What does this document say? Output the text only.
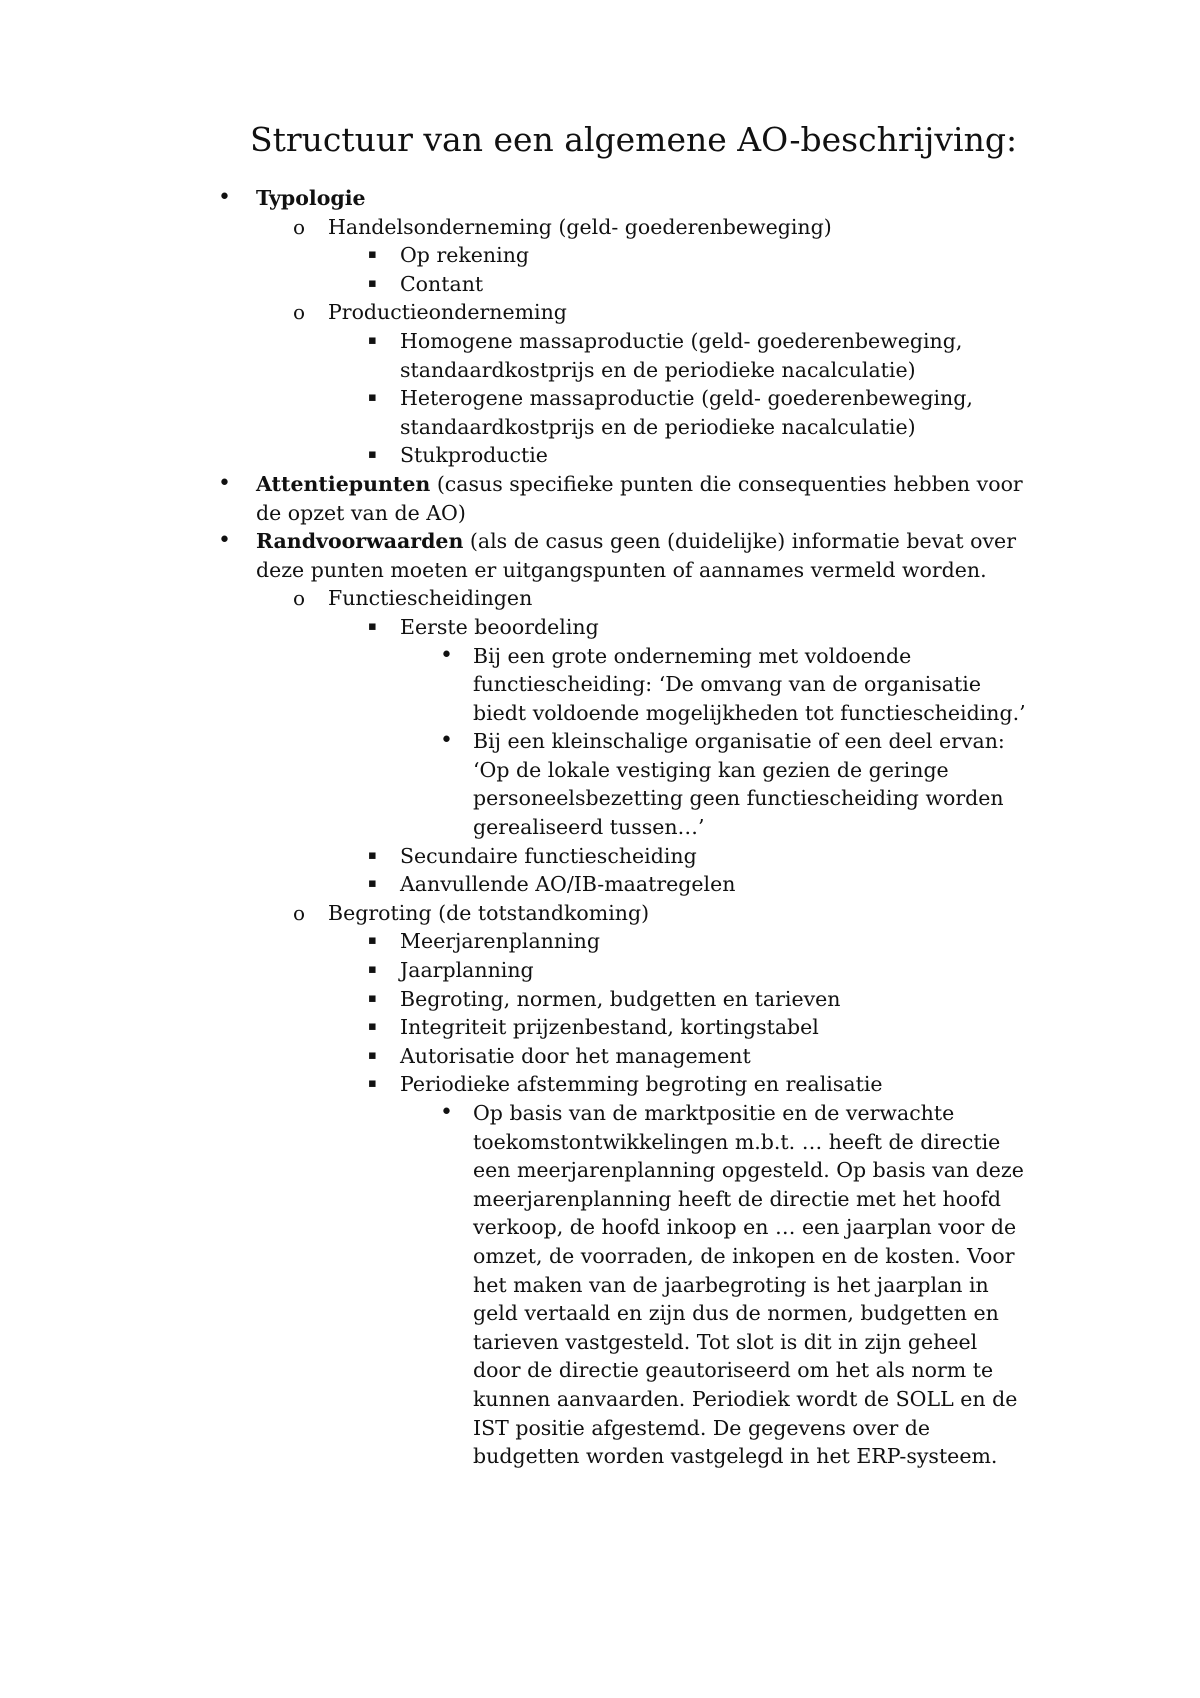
Structuur van een algemene AO-beschrijving:
• Typologie
o Handelsonderneming (geld- goederenbeweging)
▪ Op rekening
▪ Contant
o Productieonderneming
▪ Homogene massaproductie (geld- goederenbeweging, standaardkostprijs en de periodieke nacalculatie)
▪ Heterogene massaproductie (geld- goederenbeweging, standaardkostprijs en de periodieke nacalculatie)
▪ Stukproductie
• Attentiepunten (casus specifieke punten die consequenties hebben voor de opzet van de AO)
• Randvoorwaarden (als de casus geen (duidelijke) informatie bevat over deze punten moeten er uitgangspunten of aannames vermeld worden.
o Functiescheidingen
▪ Eerste beoordeling
• Bij een grote onderneming met voldoende functiescheiding: ‘De omvang van de organisatie biedt voldoende mogelijkheden tot functiescheiding.’
• Bij een kleinschalige organisatie of een deel ervan: ‘Op de lokale vestiging kan gezien de geringe personeelsbezetting geen functiescheiding worden gerealiseerd tussen…’
▪ Secundaire functiescheiding
▪ Aanvullende AO/IB-maatregelen
o Begroting (de totstandkoming)
▪ Meerjarenplanning
▪ Jaarplanning
▪ Begroting, normen, budgetten en tarieven
▪ Integriteit prijzenbestand, kortingstabel
▪ Autorisatie door het management
▪ Periodieke afstemming begroting en realisatie
• Op basis van de marktpositie en de verwachte toekomstontwikkelingen m.b.t. … heeft de directie een meerjarenplanning opgesteld. Op basis van deze meerjarenplanning heeft de directie met het hoofd verkoop, de hoofd inkoop en … een jaarplan voor de omzet, de voorraden, de inkopen en de kosten. Voor het maken van de jaarbegroting is het jaarplan in geld vertaald en zijn dus de normen, budgetten en tarieven vastgesteld. Tot slot is dit in zijn geheel door de directie geautoriseerd om het als norm te kunnen aanvaarden. Periodiek wordt de SOLL en de IST positie afgestemd. De gegevens over de budgetten worden vastgelegd in het ERP-systeem.
